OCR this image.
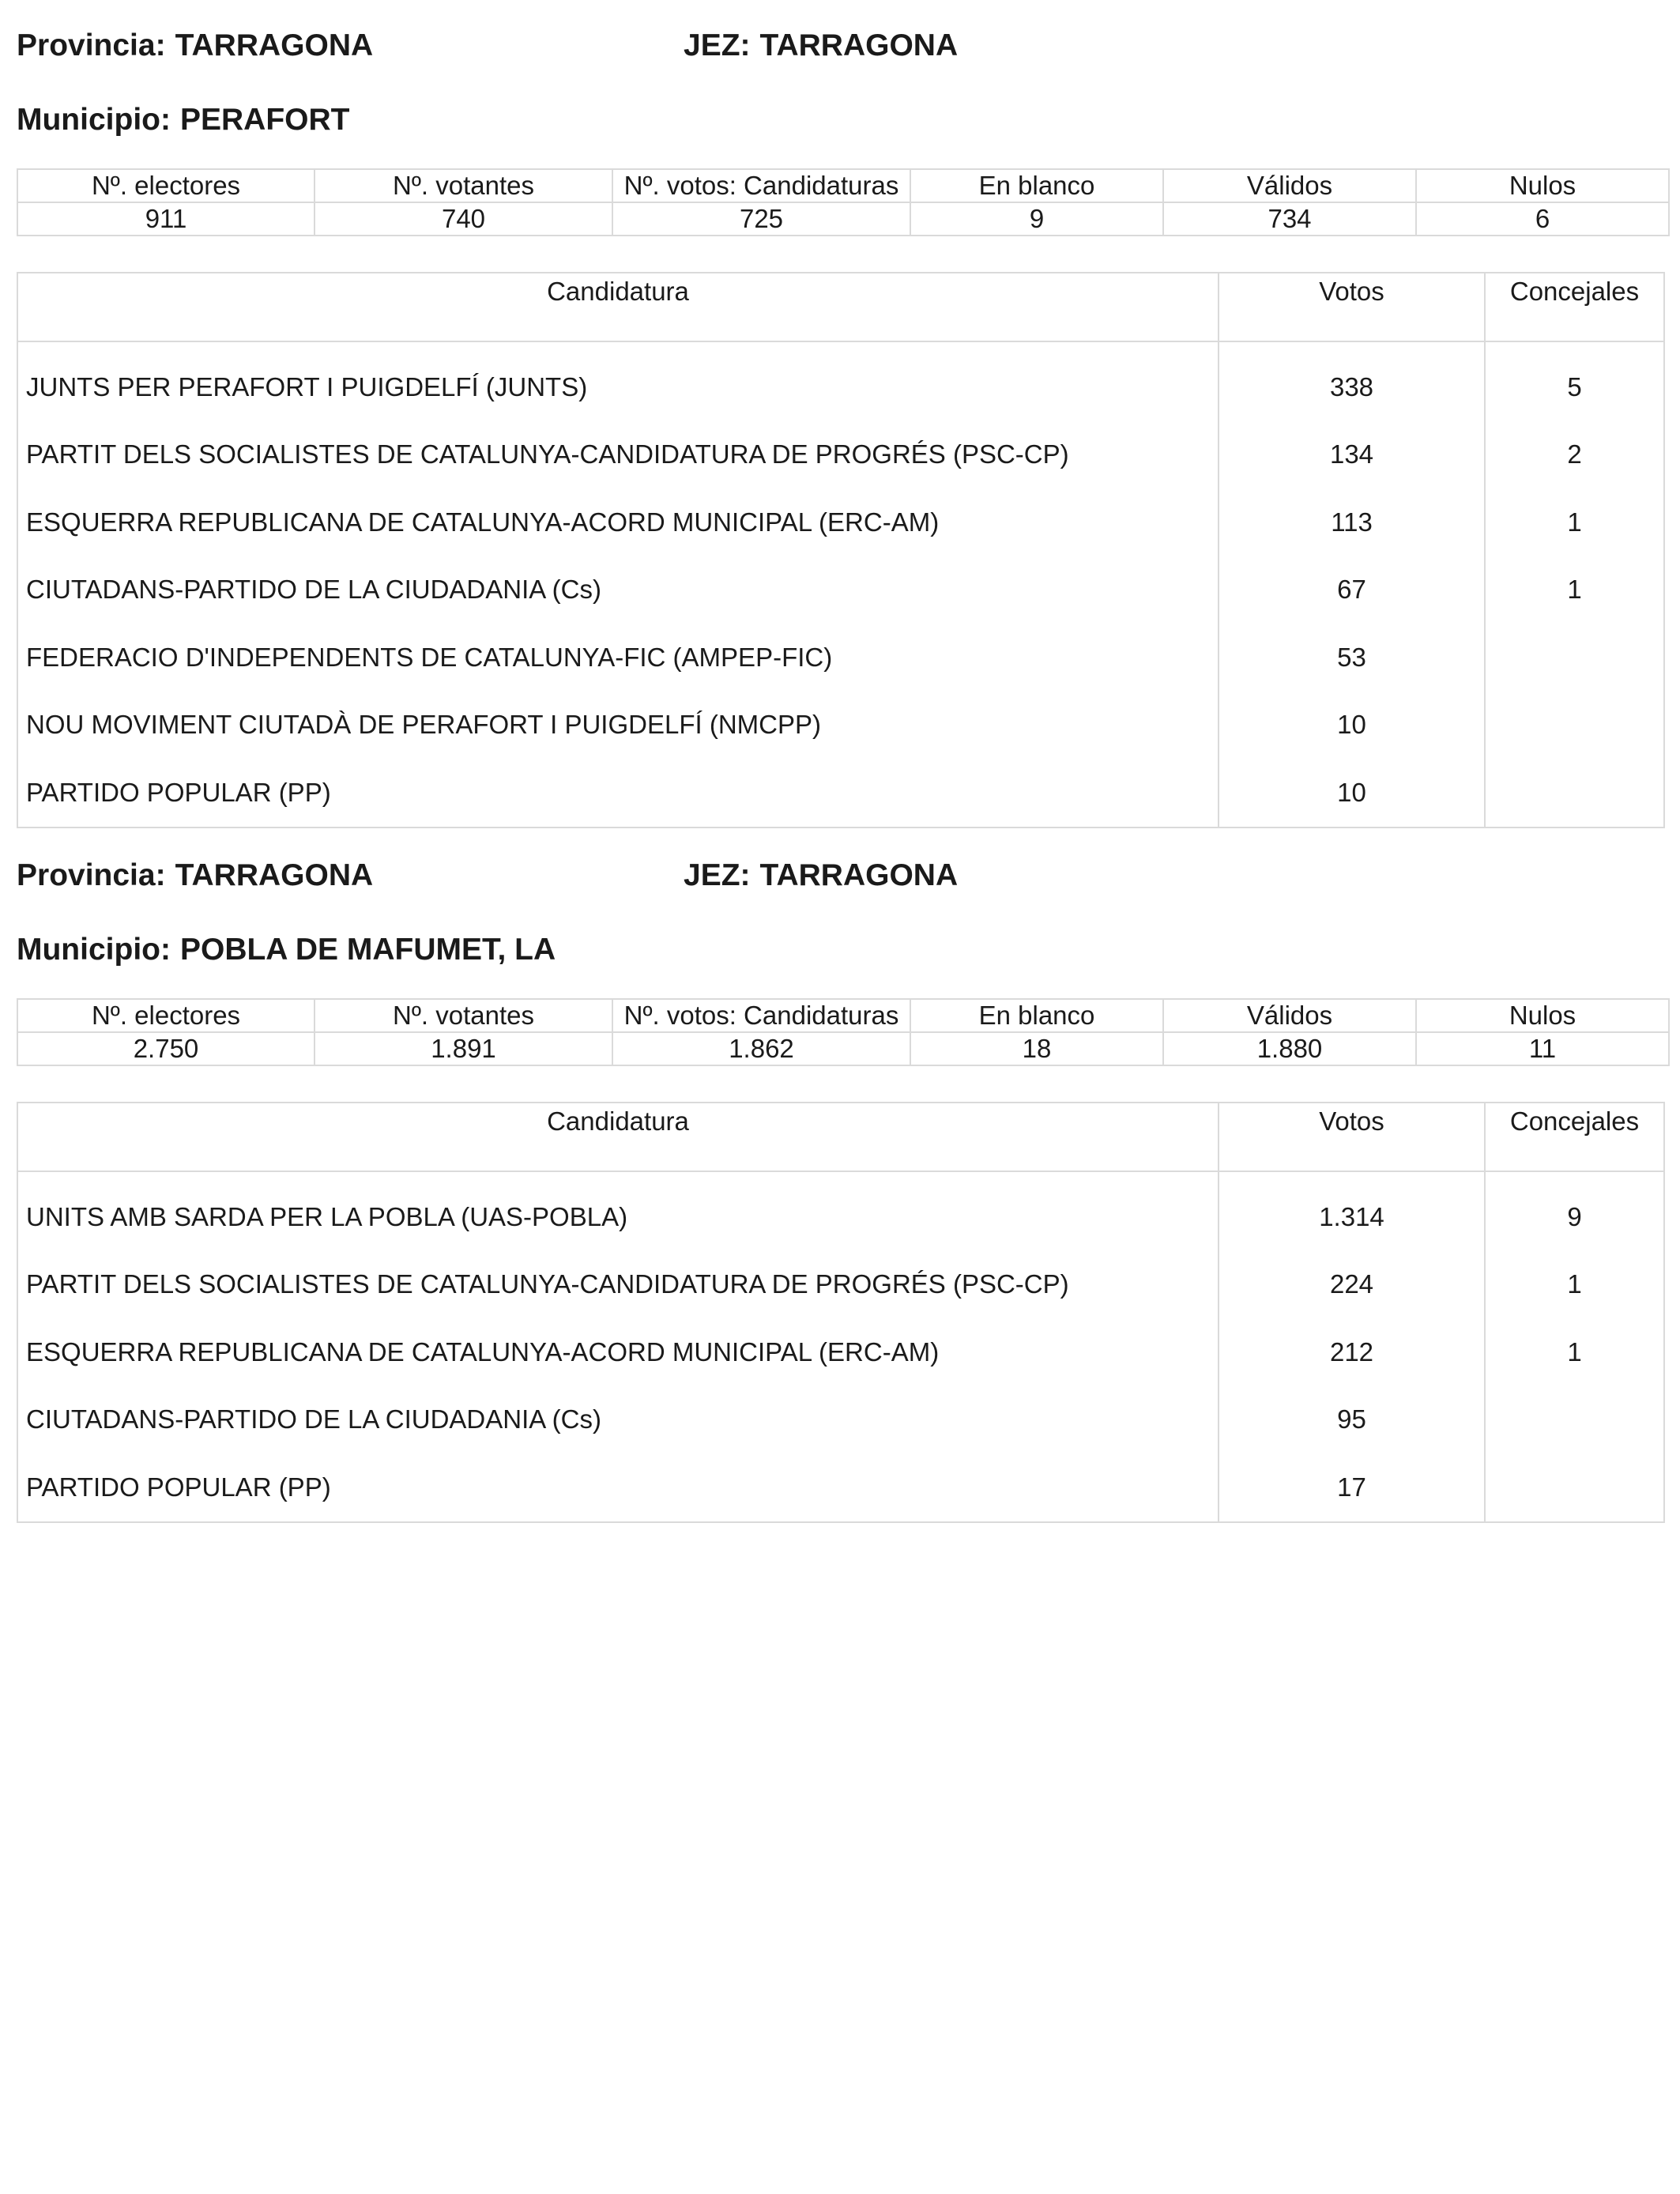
Provincia: TARRAGONA	JEZ: TARRAGONA
Municipio: PERAFORT
Nº. electores	Nº. votantes	Nº. votos: Candidaturas	En blanco	Válidos	Nulos
911	740	725	9	734	6
Candidatura	Votos	Concejales
JUNTS PER PERAFORT I PUIGDELFÍ (JUNTS)	338	5
PARTIT DELS SOCIALISTES DE CATALUNYA-CANDIDATURA DE PROGRÉS (PSC-CP)	134	2
ESQUERRA REPUBLICANA DE CATALUNYA-ACORD MUNICIPAL (ERC-AM)	113	1
CIUTADANS-PARTIDO DE LA CIUDADANIA (Cs)	67	1
FEDERACIO D'INDEPENDENTS DE CATALUNYA-FIC (AMPEP-FIC)	53	
NOU MOVIMENT CIUTADÀ DE PERAFORT I PUIGDELFÍ (NMCPP)	10	
PARTIDO POPULAR (PP)	10	
Provincia: TARRAGONA	JEZ: TARRAGONA
Municipio: POBLA DE MAFUMET, LA
Nº. electores	Nº. votantes	Nº. votos: Candidaturas	En blanco	Válidos	Nulos
2.750	1.891	1.862	18	1.880	11
Candidatura	Votos	Concejales
UNITS AMB SARDA PER LA POBLA (UAS-POBLA)	1.314	9
PARTIT DELS SOCIALISTES DE CATALUNYA-CANDIDATURA DE PROGRÉS (PSC-CP)	224	1
ESQUERRA REPUBLICANA DE CATALUNYA-ACORD MUNICIPAL (ERC-AM)	212	1
CIUTADANS-PARTIDO DE LA CIUDADANIA (Cs)	95	
PARTIDO POPULAR (PP)	17	
